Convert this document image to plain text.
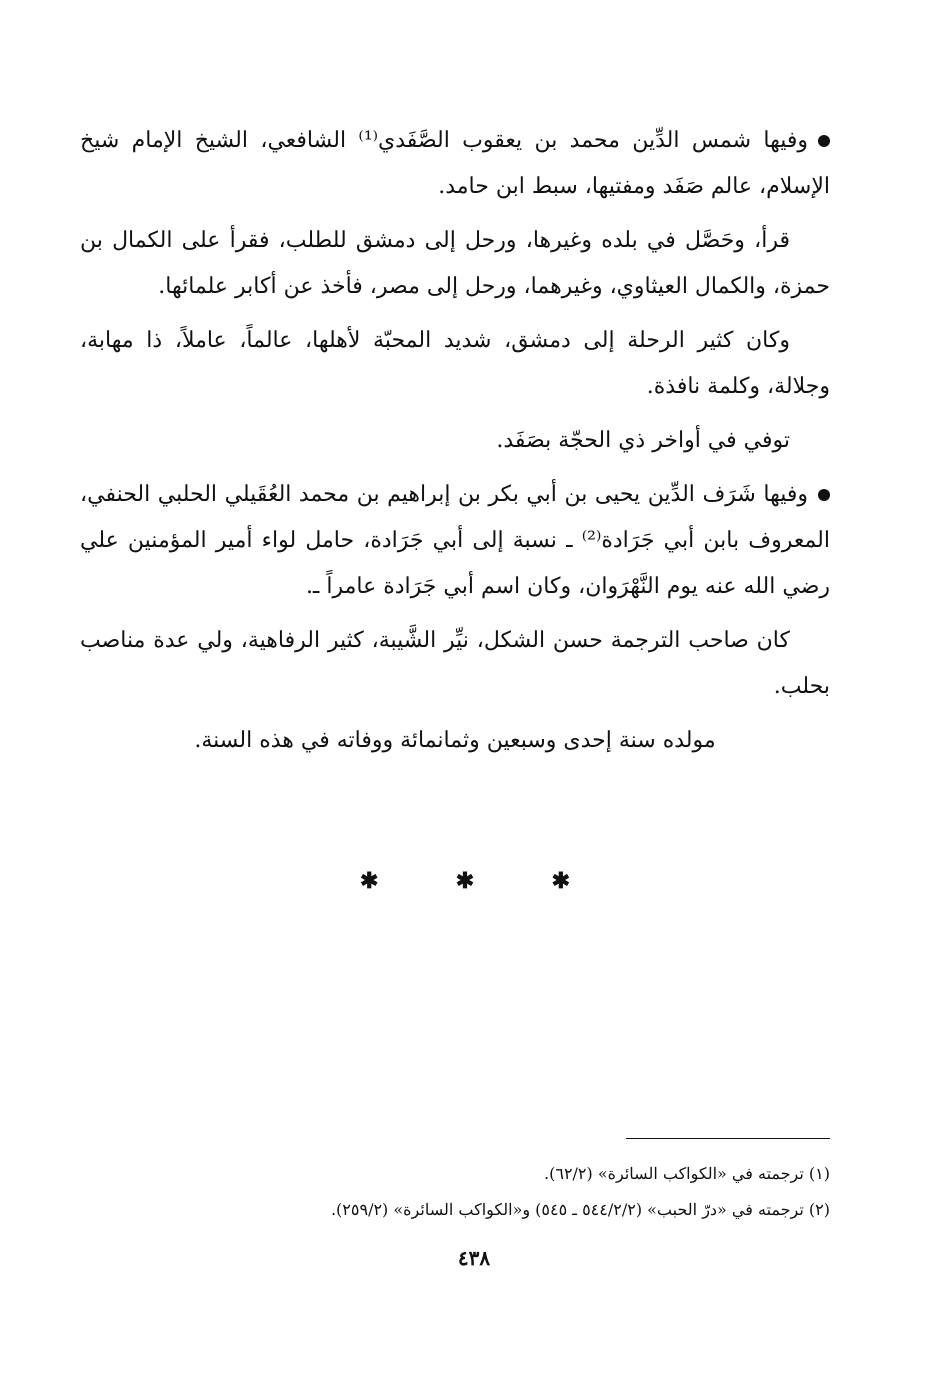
وفيها شمس الدِّين محمد بن يعقوب الصَّفَدي⁽¹⁾ الشافعي، الشيخ الإمام شيخ الإسلام، عالم صَفَد ومفتيها، سبط ابن حامد.

قرأ، وحَصَّل في بلده وغيرها، ورحل إلى دمشق للطلب، فقرأ على الكمال بن حمزة، والكمال العيثاوي، وغيرهما، ورحل إلى مصر، فأخذ عن أكابر علمائها.

وكان كثير الرحلة إلى دمشق، شديد المحبّة لأهلها، عالماً، عاملاً، ذا مهابة، وجلالة، وكلمة نافذة.

توفي في أواخر ذي الحجّة بصَفَد.

وفيها شَرَف الدِّين يحيى بن أبي بكر بن إبراهيم بن محمد العُقَيلي الحلبي الحنفي، المعروف بابن أبي جَرَادة⁽²⁾ ـ نسبة إلى أبي جَرَادة، حامل لواء أمير المؤمنين علي رضي الله عنه يوم النَّهْرَوان، وكان اسم أبي جَرَادة عامراً ـ.

كان صاحب الترجمة حسن الشكل، نيِّر الشَّيبة، كثير الرفاهية، ولي عدة مناصب بحلب.

مولده سنة إحدى وسبعين وثمانمائة ووفاته في هذه السنة.

✱	✱	✱

(١) ترجمته في «الكواكب السائرة» (٦٢/٢).

(٢) ترجمته في «درّ الحبب» (٥٤٤/٢/٢ ـ ٥٤٥) و«الكواكب السائرة» (٢٥٩/٢).

٤٣٨
